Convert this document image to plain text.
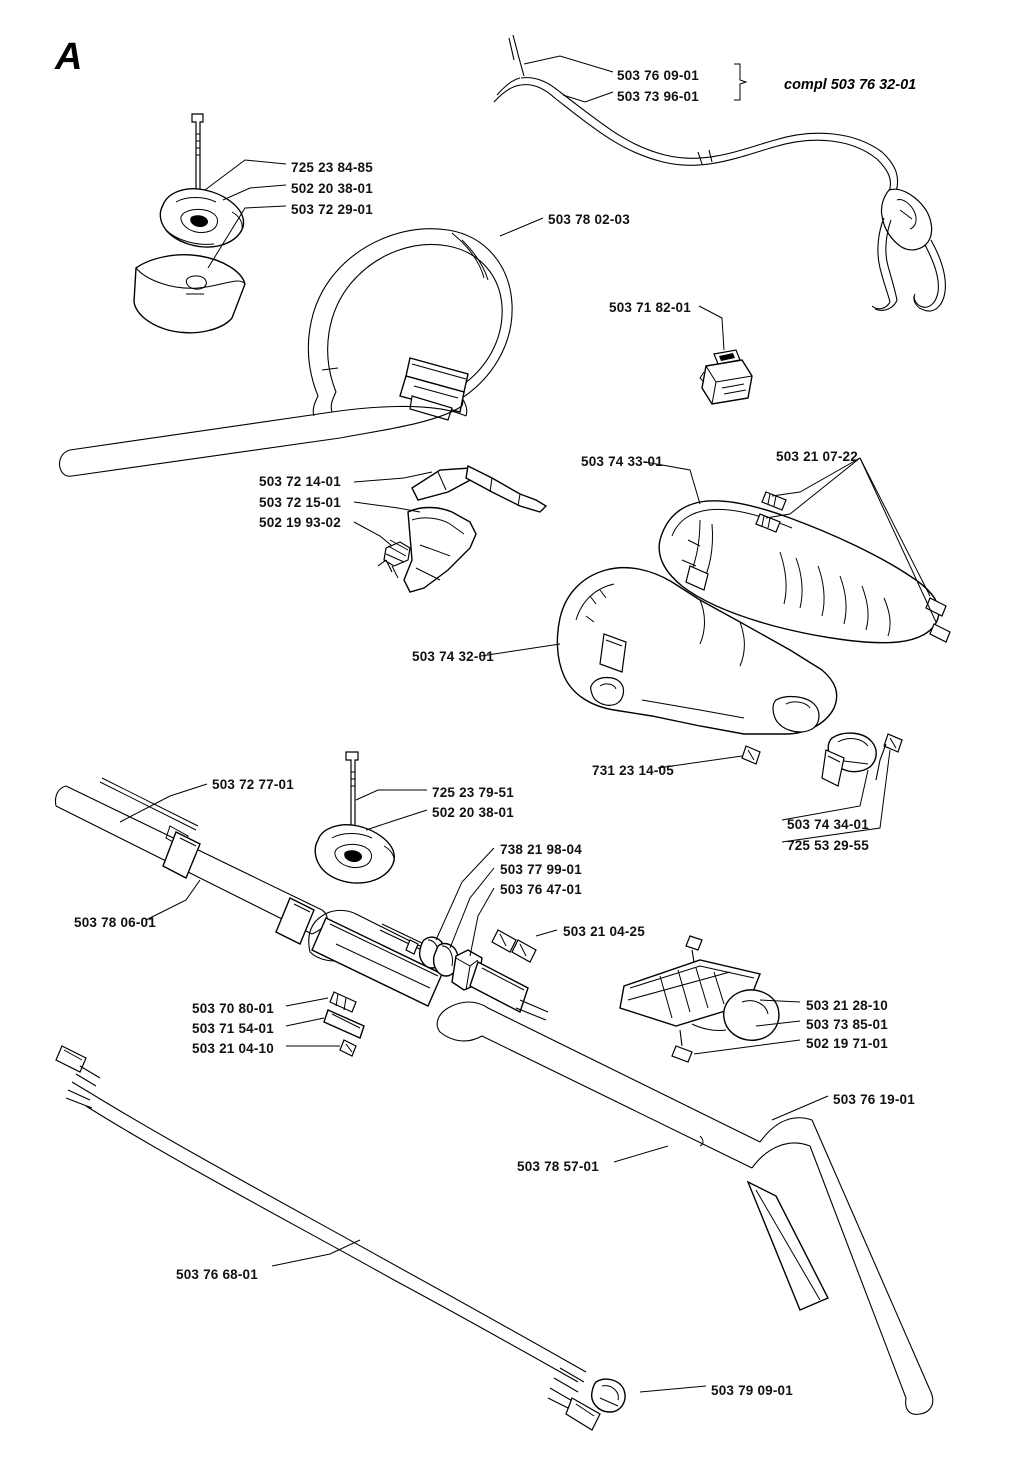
A
compl 503 76 32-01
503 76 09-01
503 73 96-01
725 23 84-85
502 20 38-01
503 72 29-01
503 78 02-03
503 71 82-01
503 74 33-01	503 21 07-22
503 72 14-01
503 72 15-01
502 19 93-02
503 74 32-01
731 23 14-05
503 74 34-01
725 53 29-55
503 72 77-01
725 23 79-51
502 20 38-01
738 21 98-04
503 77 99-01
503 76 47-01
503 78 06-01
503 21 04-25
503 21 28-10
503 73 85-01
502 19 71-01
503 70 80-01
503 71 54-01
503 21 04-10
503 76 19-01
503 78 57-01
503 76 68-01
503 79 09-01
